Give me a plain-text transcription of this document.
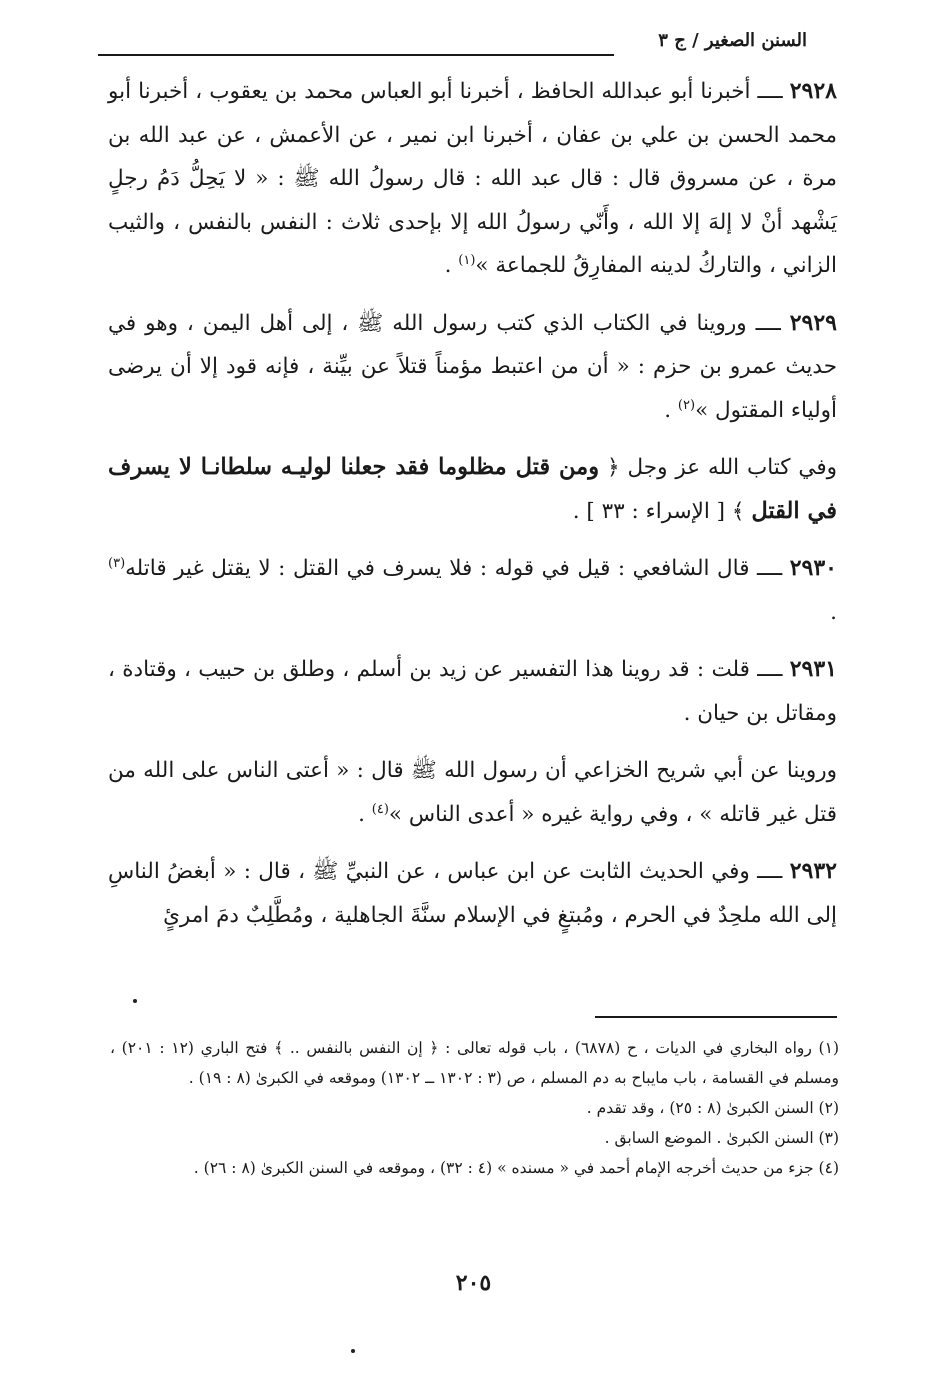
السنن الصغير / ج ٣

٢٩٢٨ ــــ أخبرنا أبو عبدالله الحافظ ، أخبرنا أبو العباس محمد بن يعقوب ، أخبرنا أبو محمد الحسن بن علي بن عفان ، أخبرنا ابن نمير ، عن الأعمش ، عن عبد الله بن مرة ، عن مسروق قال : قال عبد الله : قال رسولُ الله ﷺ : « لا يَحِلُّ دَمُ رجلٍ يَشْهد أنْ لا إلهَ إلا الله ، وأَنّي رسولُ الله إلا بإحدى ثلاث : النفس بالنفس ، والثيب الزاني ، والتاركُ لدينه المفارِقُ للجماعة »$^{(١)}$ .

٢٩٢٩ ــــ وروينا في الكتاب الذي كتب رسول الله ﷺ ، إلى أهل اليمن ، وهو في حديث عمرو بن حزم : « أن من اعتبط مؤمناً قتلاً عن بيِّنة ، فإنه قود إلا أن يرضى أولياء المقتول »$^{(٢)}$ .

وفي كتاب الله عز وجل ﴿ ومن قتل مظلوما فقد جعلنا لوليـه سلطانـا لا يسرف في القتل ﴾ [ الإسراء : ٣٣ ] .

٢٩٣٠ ــــ قال الشافعي : قيل في قوله : فلا يسرف في القتل : لا يقتل غير قاتله$^{(٣)}$ .

٢٩٣١ ــــ قلت : قد روينا هذا التفسير عن زيد بن أسلم ، وطلق بن حبيب ، وقتادة ، ومقاتل بن حيان .

وروينا عن أبي شريح الخزاعي أن رسول الله ﷺ قال : « أعتى الناس على الله من قتل غير قاتله » ، وفي رواية غيره « أعدى الناس »$^{(٤)}$ .

٢٩٣٢ ــــ وفي الحديث الثابت عن ابن عباس ، عن النبيِّ ﷺ ، قال : « أبغضُ الناسِ إلى الله ملحِدٌ في الحرم ، ومُبتغٍ في الإسلام سنَّةَ الجاهلية ، ومُطَّلِبٌ دمَ امرئٍ

(١) رواه البخاري في الديات ، ح (٦٨٧٨) ، باب قوله تعالى : ﴿ إن النفس بالنفس .. ﴾ فتح الباري (١٢ : ٢٠١) ، ومسلم في القسامة ، باب مايباح به دم المسلم ، ص (٣ : ١٣٠٢ ــ ١٣٠٢) وموقعه في الكبرىٰ (٨ : ١٩) .

(٢) السنن الكبرىٰ (٨ : ٢٥) ، وقد تقدم .

(٣) السنن الكبرىٰ . الموضع السابق .

(٤) جزء من حديث أخرجه الإمام أحمد في « مسنده » (٤ : ٣٢) ، وموقعه في السنن الكبرىٰ (٨ : ٢٦) .

٢٠٥
